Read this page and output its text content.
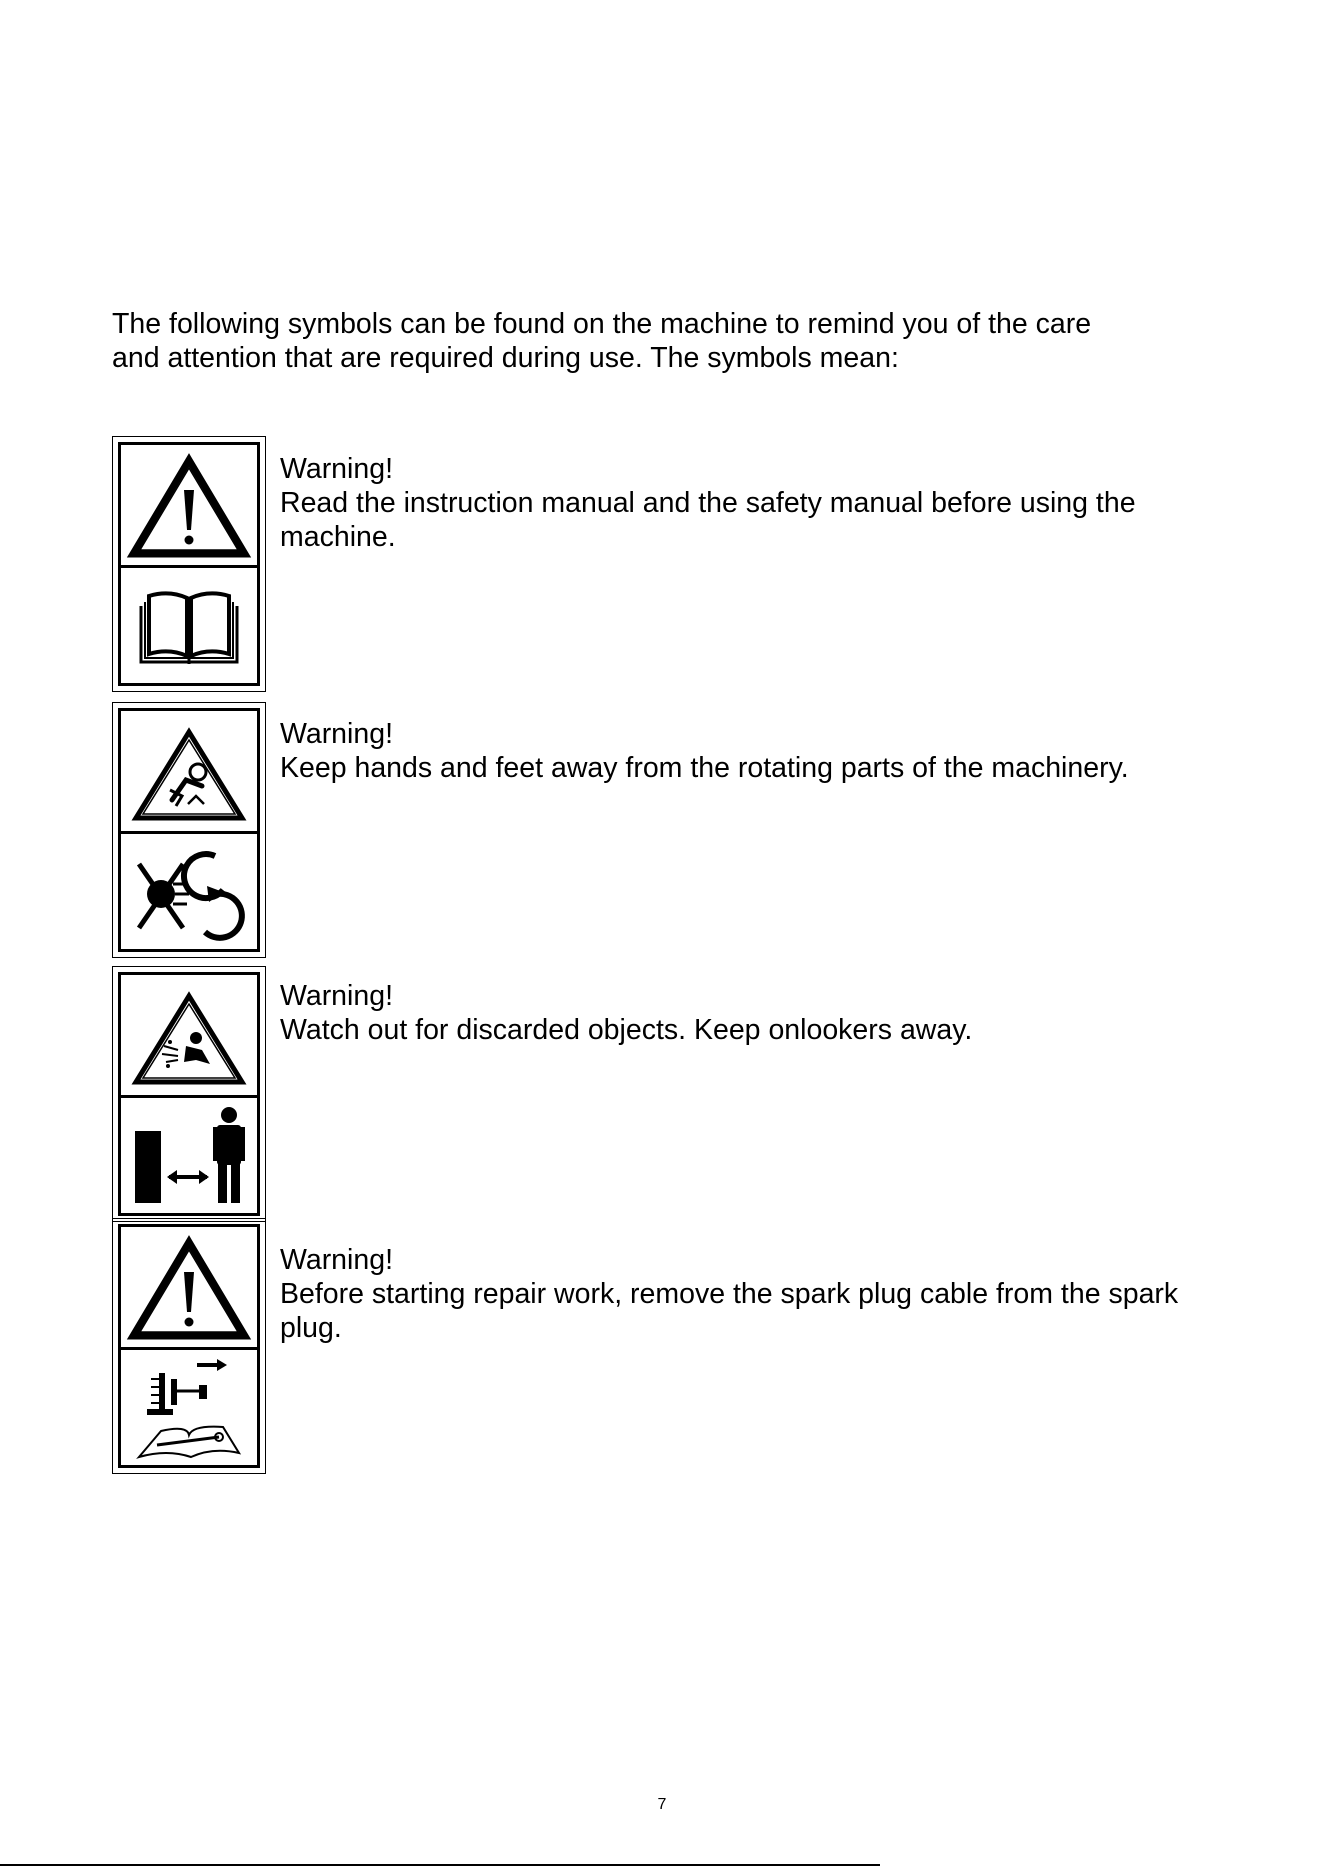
The following symbols can be found on the machine to remind you of the care
and attention that are required during use. The symbols mean:

Warning!
Read the instruction manual and the safety manual before using the machine.
Warning!
Keep hands and feet away from the rotating parts of the machinery.
Warning!
Watch out for discarded objects. Keep onlookers away.
Warning!
Before starting repair work, remove the spark plug cable from the spark plug.
7
